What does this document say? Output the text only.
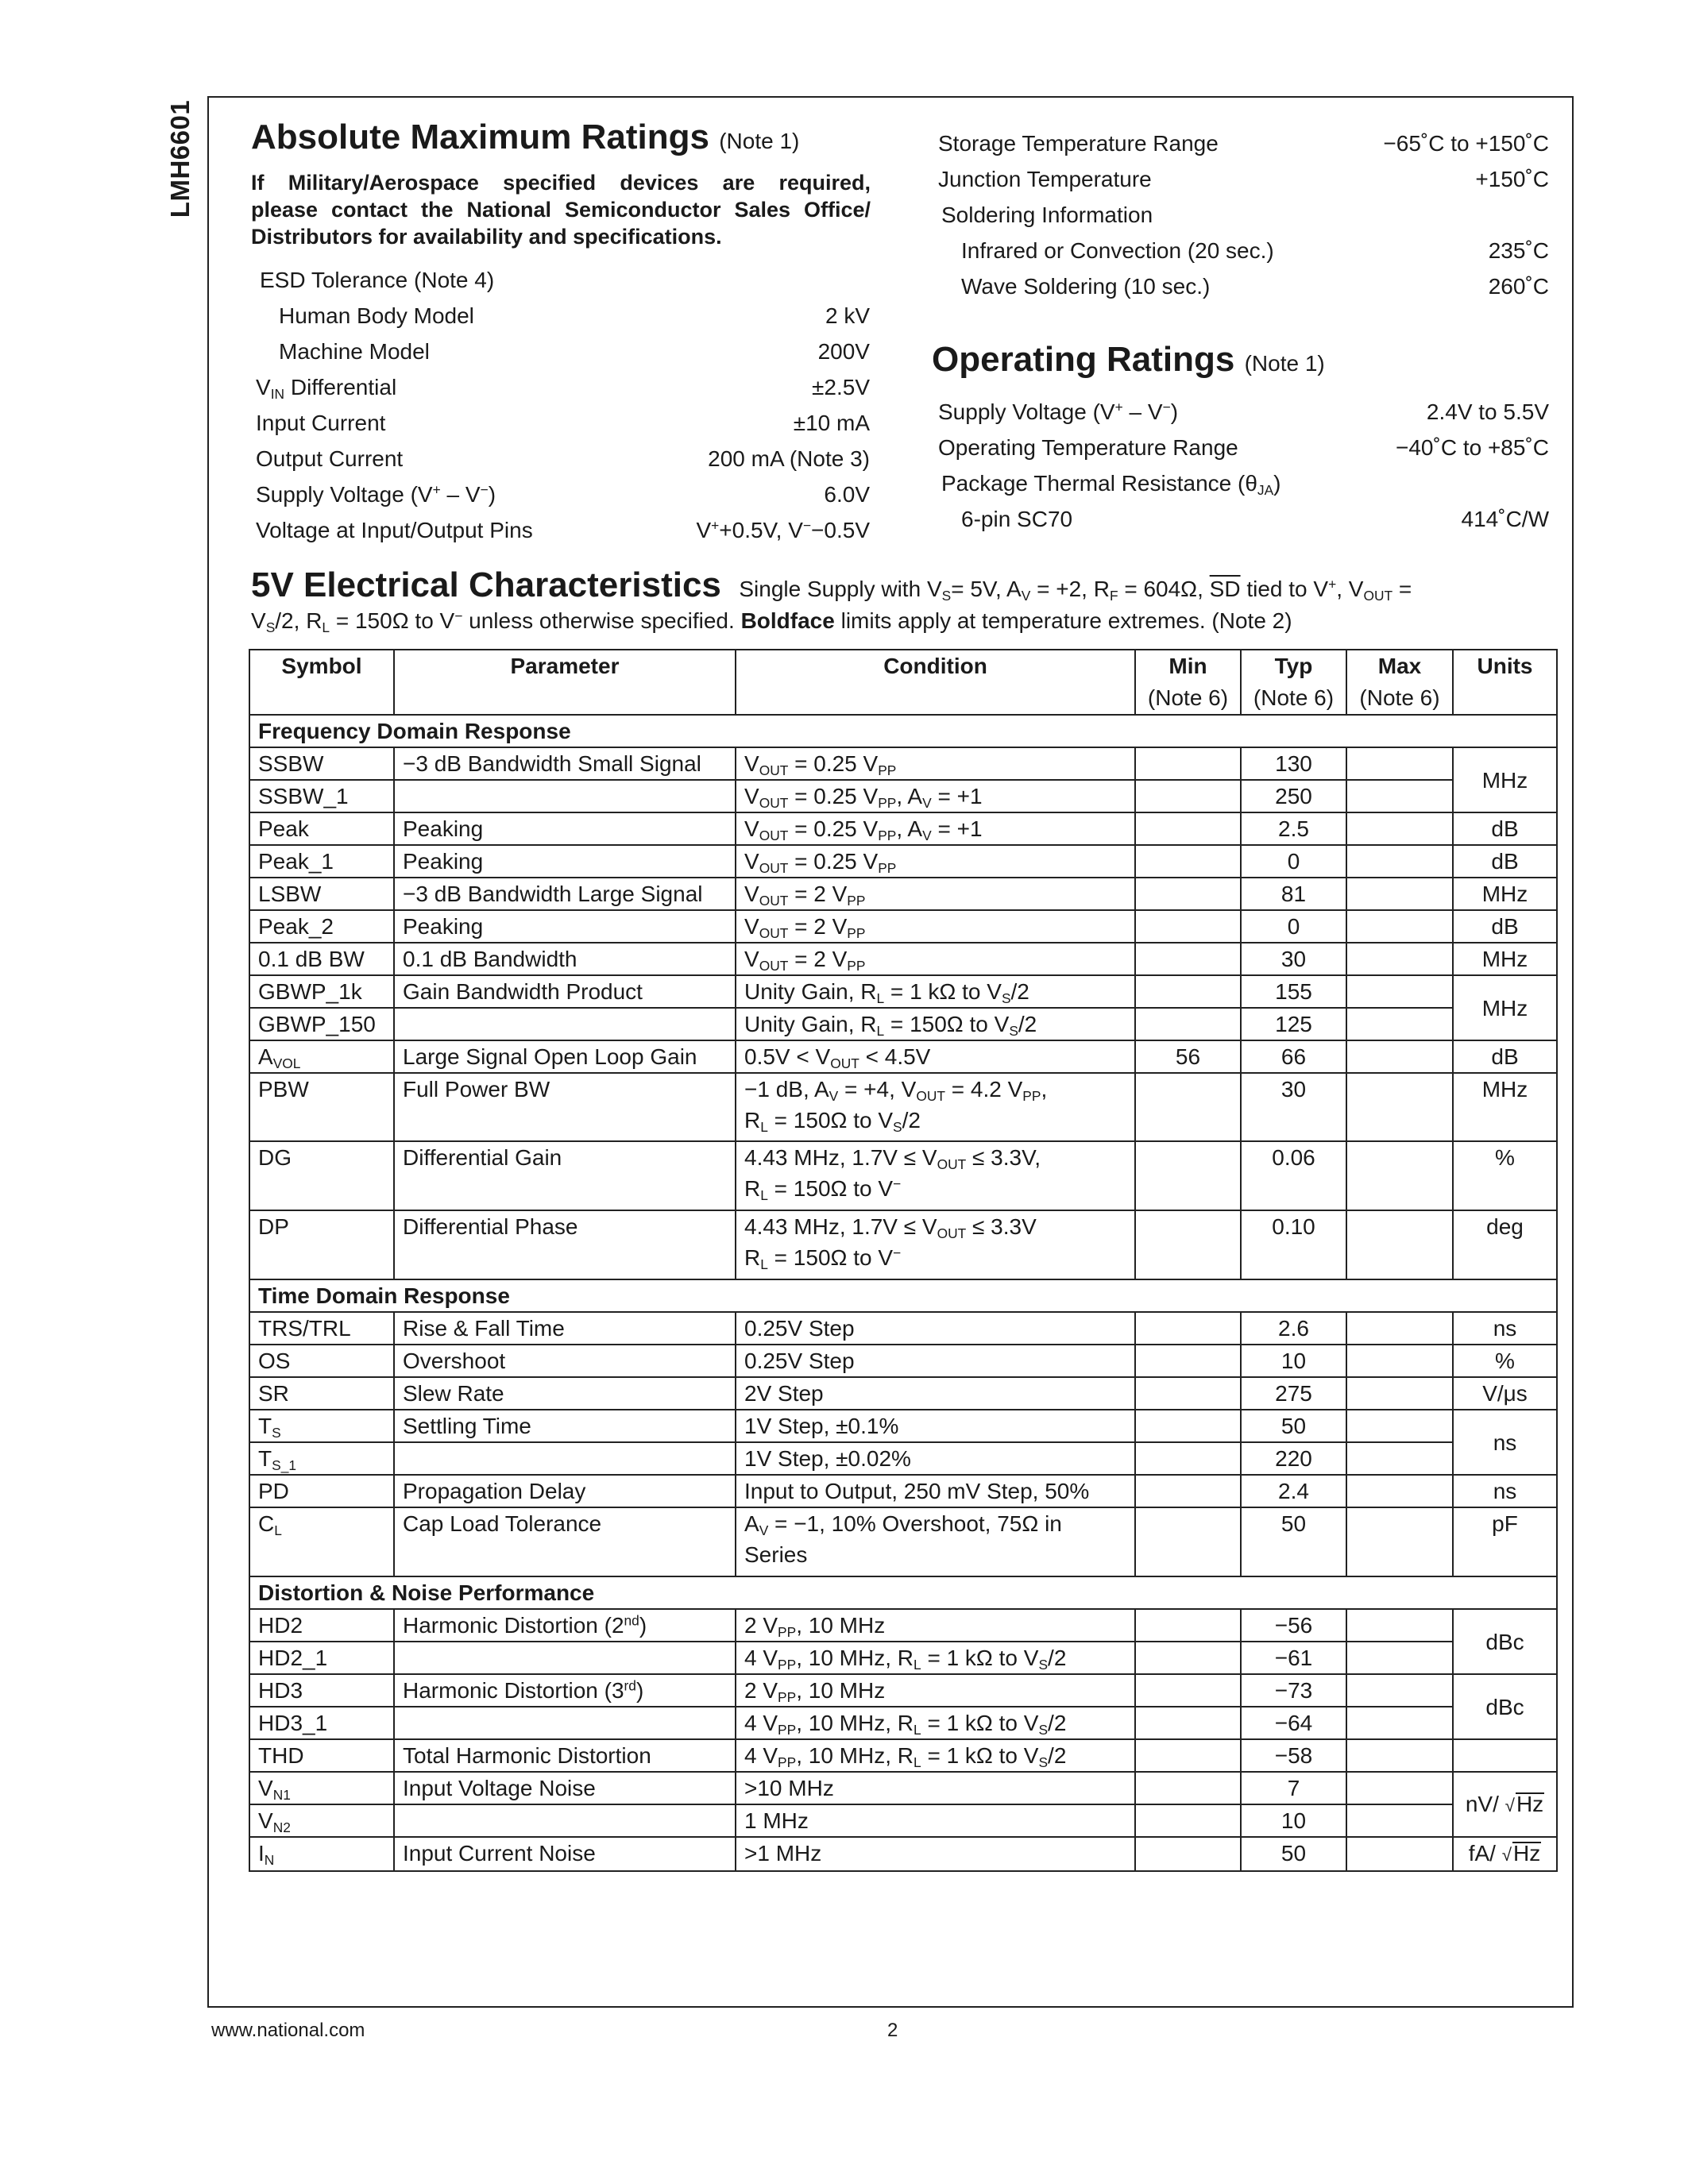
LMH6601 Absolute Maximum Ratings (Note 1)
If Military/Aerospace specified devices are required,
please contact the National Semiconductor Sales Office/
Distributors for availability and specifications.
ESD Tolerance (Note 4)
Human Body Model	2 kV
Machine Model	200V
$V_{IN}$ Differential	±2.5V
Input Current	±10 mA
Output Current	200 mA (Note 3)
Supply Voltage (V+ – V−)	6.0V
Voltage at Input/Output Pins	V++0.5V, V−−0.5V
Storage Temperature Range	−65˚C to +150˚C
Junction Temperature	+150˚C
Soldering Information
Infrared or Convection (20 sec.)	235˚C
Wave Soldering (10 sec.)	260˚C
Operating Ratings (Note 1)
Supply Voltage (V+ – V−)	2.4V to 5.5V
Operating Temperature Range	−40˚C to +85˚C
Package Thermal Resistance $(\theta_{JA})$
6-pin SC70	414˚C/W
5V Electrical Characteristics Single Supply with $V_S= 5V$, $A_V = +2$, $R_F = 604\Omega$, $\overline{SD}$ tied to V+, $V_{OUT}$ =
$V_S/2$, $R_L = 150\Omega$ to V− unless otherwise specified. Boldface limits apply at temperature extremes. (Note 2)
Symbol	Parameter	Condition	Min	Typ	Max	Units
			(Note 6)	(Note 6)	(Note 6)	
Frequency Domain Response						
SSBW	−3 dB Bandwidth Small Signal	$V_{OUT} = 0.25$ $V_{PP}$		130		MHz
SSBW_1		$V_{OUT} = 0.25$ $V_{PP}$, $A_V = +1$		250		
Peak	Peaking	$V_{OUT} = 0.25$ $V_{PP}$, $A_V = +1$		2.5		dB
Peak_1	Peaking	$V_{OUT} = 0.25$ $V_{PP}$		0		dB
LSBW	−3 dB Bandwidth Large Signal	$V_{OUT} = 2$ $V_{PP}$		81		MHz
Peak_2	Peaking	$V_{OUT} = 2$ $V_{PP}$		0		dB
0.1 dB BW	0.1 dB Bandwidth	$V_{OUT} = 2$ $V_{PP}$		30		MHz
GBWP_1k	Gain Bandwidth Product	Unity Gain, $R_L = 1$ kΩ to $V_S/2$		155		MHz
GBWP_150		Unity Gain, $R_L = 150\Omega$ to $V_S/2$		125		
$A_{VOL}$	Large Signal Open Loop Gain	$0.5V < V_{OUT} < 4.5V$	56	66		dB
PBW	Full Power BW	−1 dB, $A_V = +4$, $V_{OUT} = 4.2$ $V_{PP}$,
$R_L = 150\Omega$ to $V_S/2$		30		MHz
DG	Differential Gain	4.43 MHz, $1.7V \le V_{OUT} \le 3.3V$,
$R_L = 150\Omega$ to V−		0.06		%
DP	Differential Phase	4.43 MHz, $1.7V \le V_{OUT} \le 3.3V$
$R_L = 150\Omega$ to V−		0.10		deg
Time Domain Response						
TRS/TRL	Rise & Fall Time	0.25V Step		2.6		ns
OS	Overshoot	0.25V Step		10		%
SR	Slew Rate	2V Step		275		V/μs
$T_S$	Settling Time	1V Step, ±0.1%		50		ns
$T_{S\_1}$		1V Step, ±0.02%		220		
PD	Propagation Delay	Input to Output, 250 mV Step, 50%		2.4		ns
$C_L$	Cap Load Tolerance	$A_V = -1$, 10% Overshoot, 75Ω in
Series		50		pF
Distortion & Noise Performance						
HD2	Harmonic Distortion (2nd)	2 $V_{PP}$, 10 MHz		−56		dBc
HD2_1		4 $V_{PP}$, 10 MHz, $R_L = 1$ kΩ to $V_S/2$		−61		
HD3	Harmonic Distortion (3rd)	2 $V_{PP}$, 10 MHz		−73		dBc
HD3_1		4 $V_{PP}$, 10 MHz, $R_L = 1$ kΩ to $V_S/2$		−64		
THD	Total Harmonic Distortion	4 $V_{PP}$, 10 MHz, $R_L = 1$ kΩ to $V_S/2$		−58		
$V_{N1}$	Input Voltage Noise	>10 MHz		7		nV/ √Hz
$V_{N2}$		1 MHz		10		
$I_N$	Input Current Noise	>1 MHz		50		fA/ √Hz
www.national.com	2
